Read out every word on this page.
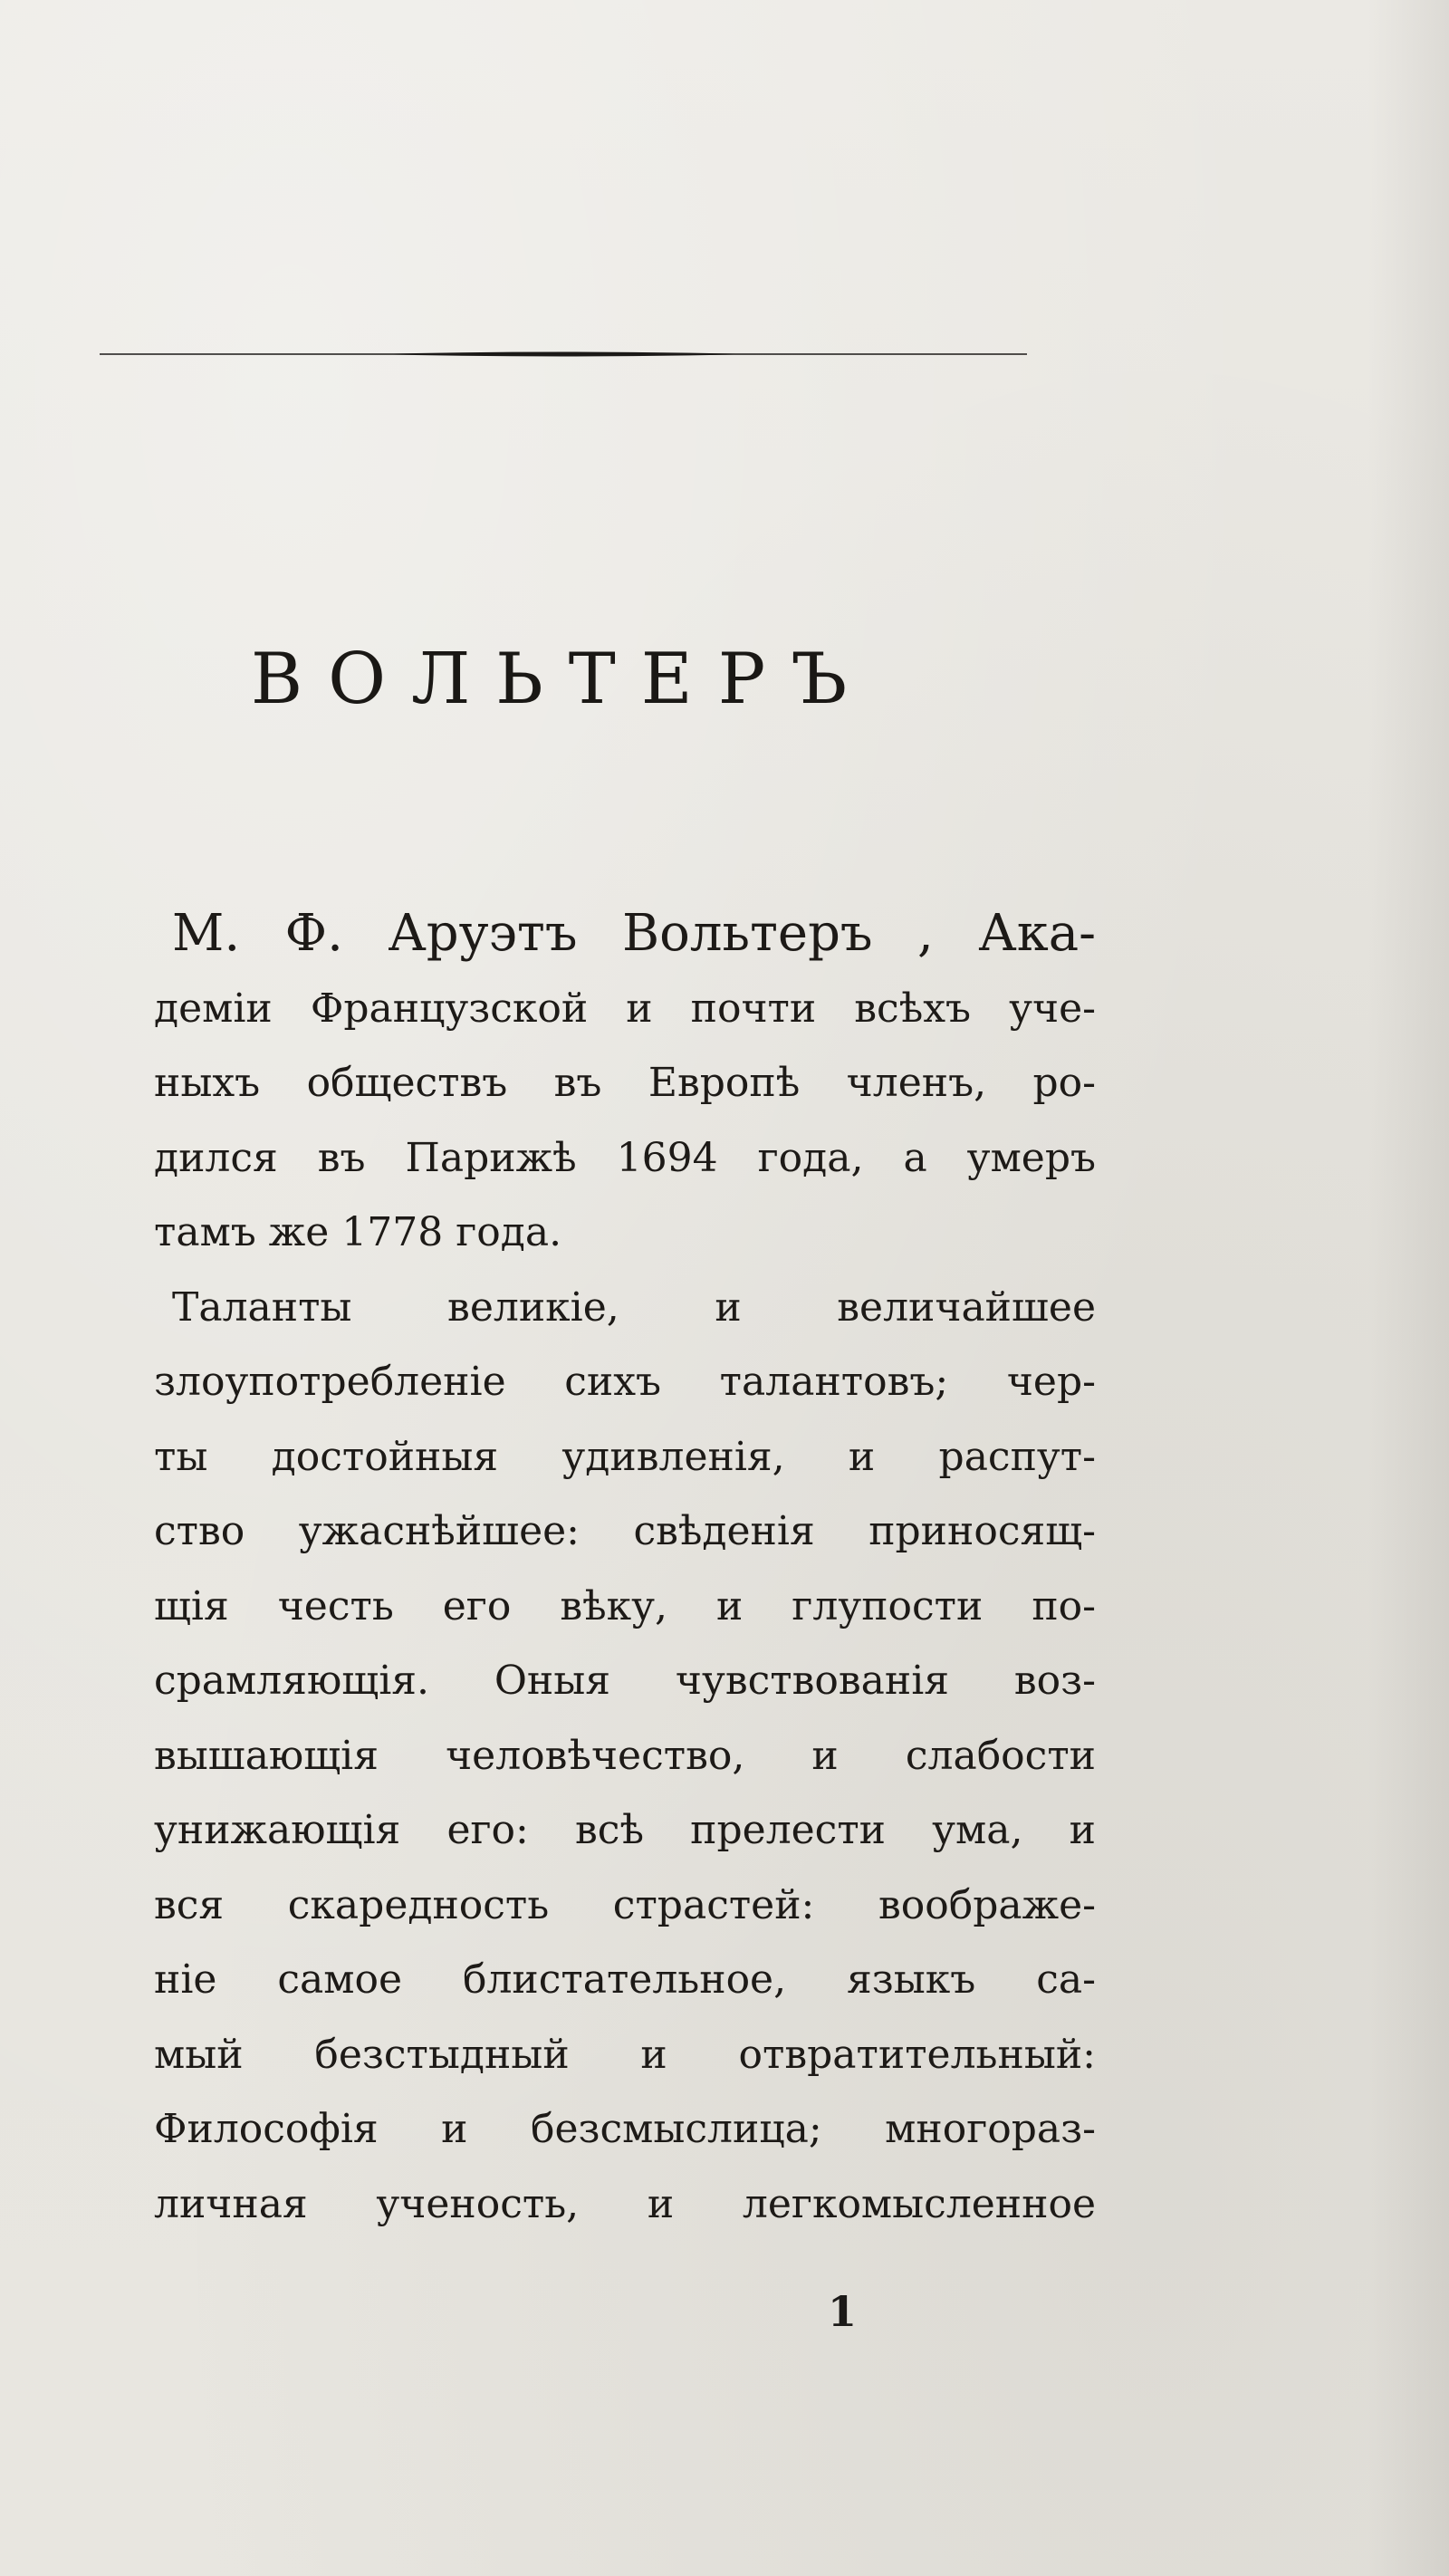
ВОЛЬТЕРЪ
М. Ф. Аруэтъ Вольтеръ , Ака-
деміи Французской и почти всѣхъ уче-
ныхъ обществъ въ Европѣ членъ, ро-
дился въ Парижѣ 1694 года, а умеръ
тамъ же 1778 года.
Таланты великіе, и величайшее
злоупотребленіе сихъ талантовъ; чер-
ты достойныя удивленія, и распут-
ство ужаснѣйшее: свѣденія приносящ-
щія честь его вѣку, и глупости по-
срамляющія. Оныя чувствованія воз-
вышающія человѣчество, и слабости
унижающія его: всѣ прелести ума, и
вся скаредность страстей: воображе-
ніе самое блистательное, языкъ са-
мый безстыдный и отвратительный:
Философія и безсмыслица; многораз-
личная ученость, и легкомысленное
1
